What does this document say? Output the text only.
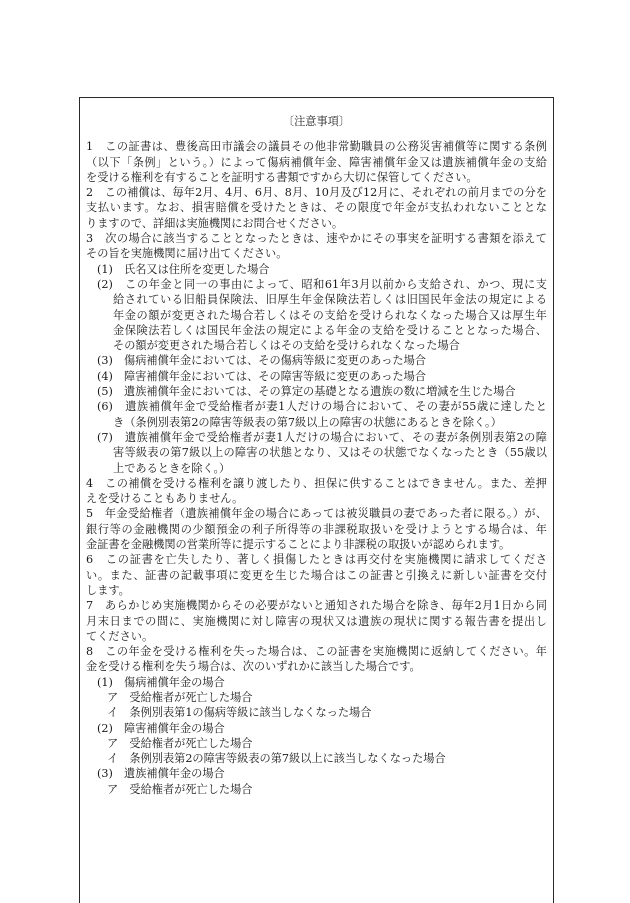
〔注意事項〕
1　この証書は、豊後高田市議会の議員その他非常勤職員の公務災害補償等に関する条例
（以下「条例」という。）によって傷病補償年金、障害補償年金又は遺族補償年金の支給
を受ける権利を有することを証明する書類ですから大切に保管してください。
2　この補償は、毎年2月、4月、6月、8月、10月及び12月に、それぞれの前月までの分を
支払います。なお、損害賠償を受けたときは、その限度で年金が支払われないこととな
りますので、詳細は実施機関にお問合せください。
3　次の場合に該当することとなったときは、速やかにその事実を証明する書類を添えて
その旨を実施機関に届け出てください。
(1)　氏名又は住所を変更した場合
(2)　この年金と同一の事由によって、昭和61年3月以前から支給され、かつ、現に支
給されている旧船員保険法、旧厚生年金保険法若しくは旧国民年金法の規定による
年金の額が変更された場合若しくはその支給を受けられなくなった場合又は厚生年
金保険法若しくは国民年金法の規定による年金の支給を受けることとなった場合、
その額が変更された場合若しくはその支給を受けられなくなった場合
(3)　傷病補償年金においては、その傷病等級に変更のあった場合
(4)　障害補償年金においては、その障害等級に変更のあった場合
(5)　遺族補償年金においては、その算定の基礎となる遺族の数に増減を生じた場合
(6)　遺族補償年金で受給権者が妻1人だけの場合において、その妻が55歳に達したと
き（条例別表第2の障害等級表の第7級以上の障害の状態にあるときを除く。）
(7)　遺族補償年金で受給権者が妻1人だけの場合において、その妻が条例別表第2の障
害等級表の第7級以上の障害の状態となり、又はその状態でなくなったとき（55歳以
上であるときを除く。）
4　この補償を受ける権利を譲り渡したり、担保に供することはできません。また、差押
えを受けることもありません。
5　年金受給権者（遺族補償年金の場合にあっては被災職員の妻であった者に限る。）が、
銀行等の金融機関の少額預金の利子所得等の非課税取扱いを受けようとする場合は、年
金証書を金融機関の営業所等に提示することにより非課税の取扱いが認められます。
6　この証書を亡失したり、著しく損傷したときは再交付を実施機関に請求してくださ
い。また、証書の記載事項に変更を生じた場合はこの証書と引換えに新しい証書を交付
します。
7　あらかじめ実施機関からその必要がないと通知された場合を除き、毎年2月1日から同
月末日までの間に、実施機関に対し障害の現状又は遺族の現状に関する報告書を提出し
てください。
8　この年金を受ける権利を失った場合は、この証書を実施機関に返納してください。年
金を受ける権利を失う場合は、次のいずれかに該当した場合です。
(1)　傷病補償年金の場合
ア　受給権者が死亡した場合
イ　条例別表第1の傷病等級に該当しなくなった場合
(2)　障害補償年金の場合
ア　受給権者が死亡した場合
イ　条例別表第2の障害等級表の第7級以上に該当しなくなった場合
(3)　遺族補償年金の場合
ア　受給権者が死亡した場合
